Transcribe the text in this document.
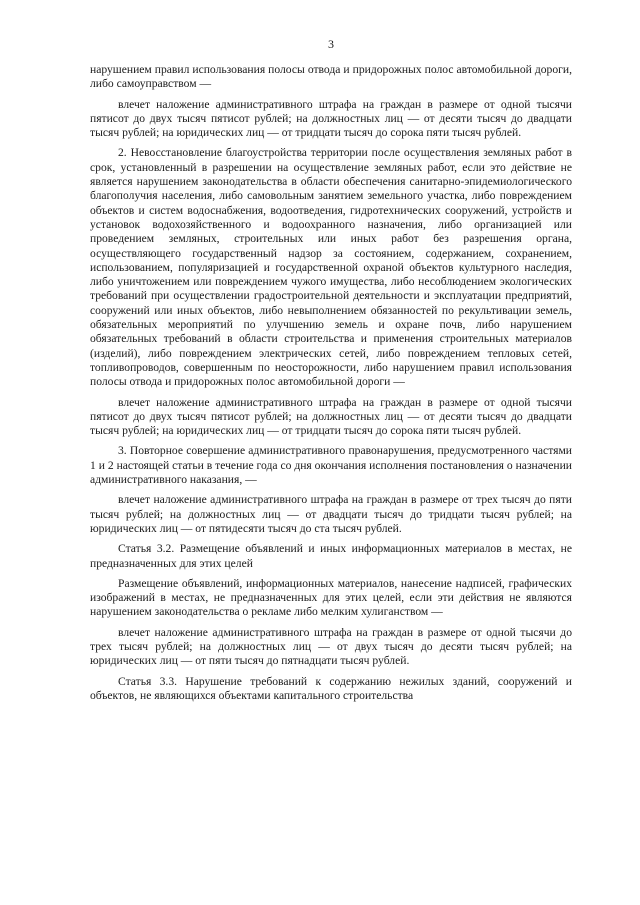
3

нарушением правил использования полосы отвода и придорожных полос автомобильной дороги, либо самоуправством —

влечет наложение административного штрафа на граждан в размере от одной тысячи пятисот до двух тысяч пятисот рублей; на должностных лиц — от десяти тысяч до двадцати тысяч рублей; на юридических лиц — от тридцати тысяч до сорока пяти тысяч рублей.

2. Невосстановление благоустройства территории после осуществления земляных работ в срок, установленный в разрешении на осуществление земляных работ, если это действие не является нарушением законодательства в области обеспечения санитарно-эпидемиологического благополучия населения, либо самовольным занятием земельного участка, либо повреждением объектов и систем водоснабжения, водоотведения, гидротехнических сооружений, устройств и установок водохозяйственного и водоохранного назначения, либо организацией или проведением земляных, строительных или иных работ без разрешения органа, осуществляющего государственный надзор за состоянием, содержанием, сохранением, использованием, популяризацией и государственной охраной объектов культурного наследия, либо уничтожением или повреждением чужого имущества, либо несоблюдением экологических требований при осуществлении градостроительной деятельности и эксплуатации предприятий, сооружений или иных объектов, либо невыполнением обязанностей по рекультивации земель, обязательных мероприятий по улучшению земель и охране почв, либо нарушением обязательных требований в области строительства и применения строительных материалов (изделий), либо повреждением электрических сетей, либо повреждением тепловых сетей, топливопроводов, совершенным по неосторожности, либо нарушением правил использования полосы отвода и придорожных полос автомобильной дороги —

влечет наложение административного штрафа на граждан в размере от одной тысячи пятисот до двух тысяч пятисот рублей; на должностных лиц — от десяти тысяч до двадцати тысяч рублей; на юридических лиц — от тридцати тысяч до сорока пяти тысяч рублей.

3. Повторное совершение административного правонарушения, предусмотренного частями 1 и 2 настоящей статьи в течение года со дня окончания исполнения постановления о назначении административного наказания, —

влечет наложение административного штрафа на граждан в размере от трех тысяч до пяти тысяч рублей; на должностных лиц — от двадцати тысяч до тридцати тысяч рублей; на юридических лиц — от пятидесяти тысяч до ста тысяч рублей.

Статья 3.2. Размещение объявлений и иных информационных материалов в местах, не предназначенных для этих целей

Размещение объявлений, информационных материалов, нанесение надписей, графических изображений в местах, не предназначенных для этих целей, если эти действия не являются нарушением законодательства о рекламе либо мелким хулиганством —

влечет наложение административного штрафа на граждан в размере от одной тысячи до трех тысяч рублей; на должностных лиц — от двух тысяч до десяти тысяч рублей; на юридических лиц — от пяти тысяч до пятнадцати тысяч рублей.

Статья 3.3. Нарушение требований к содержанию нежилых зданий, сооружений и объектов, не являющихся объектами капитального строительства
